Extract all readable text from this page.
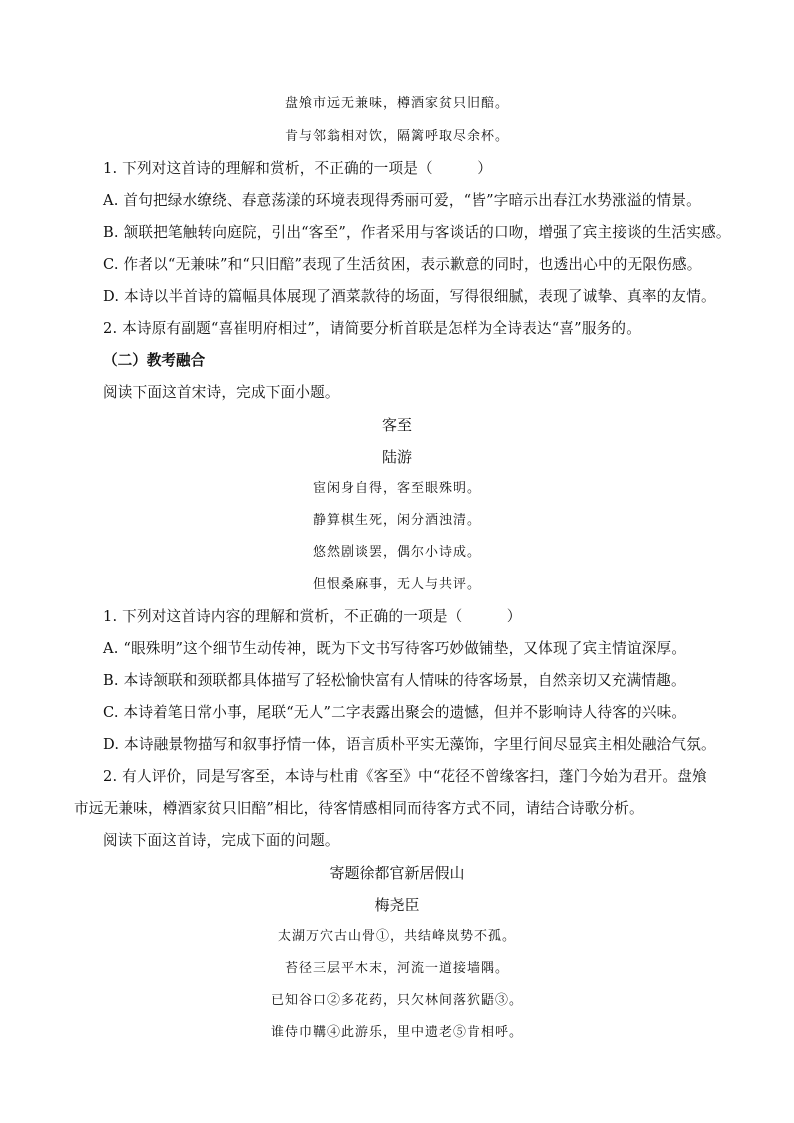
盘飧市远无兼味，樽酒家贫只旧醅。
肯与邻翁相对饮，隔篱呼取尽余杯。
1. 下列对这首诗的理解和赏析，不正确的一项是（　　　）
A. 首句把绿水缭绕、春意荡漾的环境表现得秀丽可爱，“皆”字暗示出春江水势涨溢的情景。
B. 颔联把笔触转向庭院，引出“客至”，作者采用与客谈话的口吻，增强了宾主接谈的生活实感。
C. 作者以“无兼味”和“只旧醅”表现了生活贫困，表示歉意的同时，也透出心中的无限伤感。
D. 本诗以半首诗的篇幅具体展现了酒菜款待的场面，写得很细腻，表现了诚挚、真率的友情。
2. 本诗原有副题“喜崔明府相过”，请简要分析首联是怎样为全诗表达“喜”服务的。
（二）教考融合
阅读下面这首宋诗，完成下面小题。
客至
陆游
宦闲身自得，客至眼殊明。
静算棋生死，闲分酒浊清。
悠然剧谈罢，偶尔小诗成。
但恨桑麻事，无人与共评。
1. 下列对这首诗内容的理解和赏析，不正确的一项是（　　　）
A. “眼殊明”这个细节生动传神，既为下文书写待客巧妙做铺垫，又体现了宾主情谊深厚。
B. 本诗颔联和颈联都具体描写了轻松愉快富有人情味的待客场景，自然亲切又充满情趣。
C. 本诗着笔日常小事，尾联“无人”二字表露出聚会的遗憾，但并不影响诗人待客的兴味。
D. 本诗融景物描写和叙事抒情一体，语言质朴平实无藻饰，字里行间尽显宾主相处融洽气氛。
2. 有人评价，同是写客至，本诗与杜甫《客至》中“花径不曾缘客扫，蓬门今始为君开。盘飧
市远无兼味，樽酒家贫只旧醅”相比，待客情感相同而待客方式不同，请结合诗歌分析。
阅读下面这首诗，完成下面的问题。
寄题徐都官新居假山
梅尧臣
太湖万穴古山骨①，共结峰岚势不孤。
苔径三层平木末，河流一道接墙隅。
已知谷口②多花药，只欠林间落狖鼯③。
谁侍巾鞲④此游乐，里中遗老⑤肯相呼。
